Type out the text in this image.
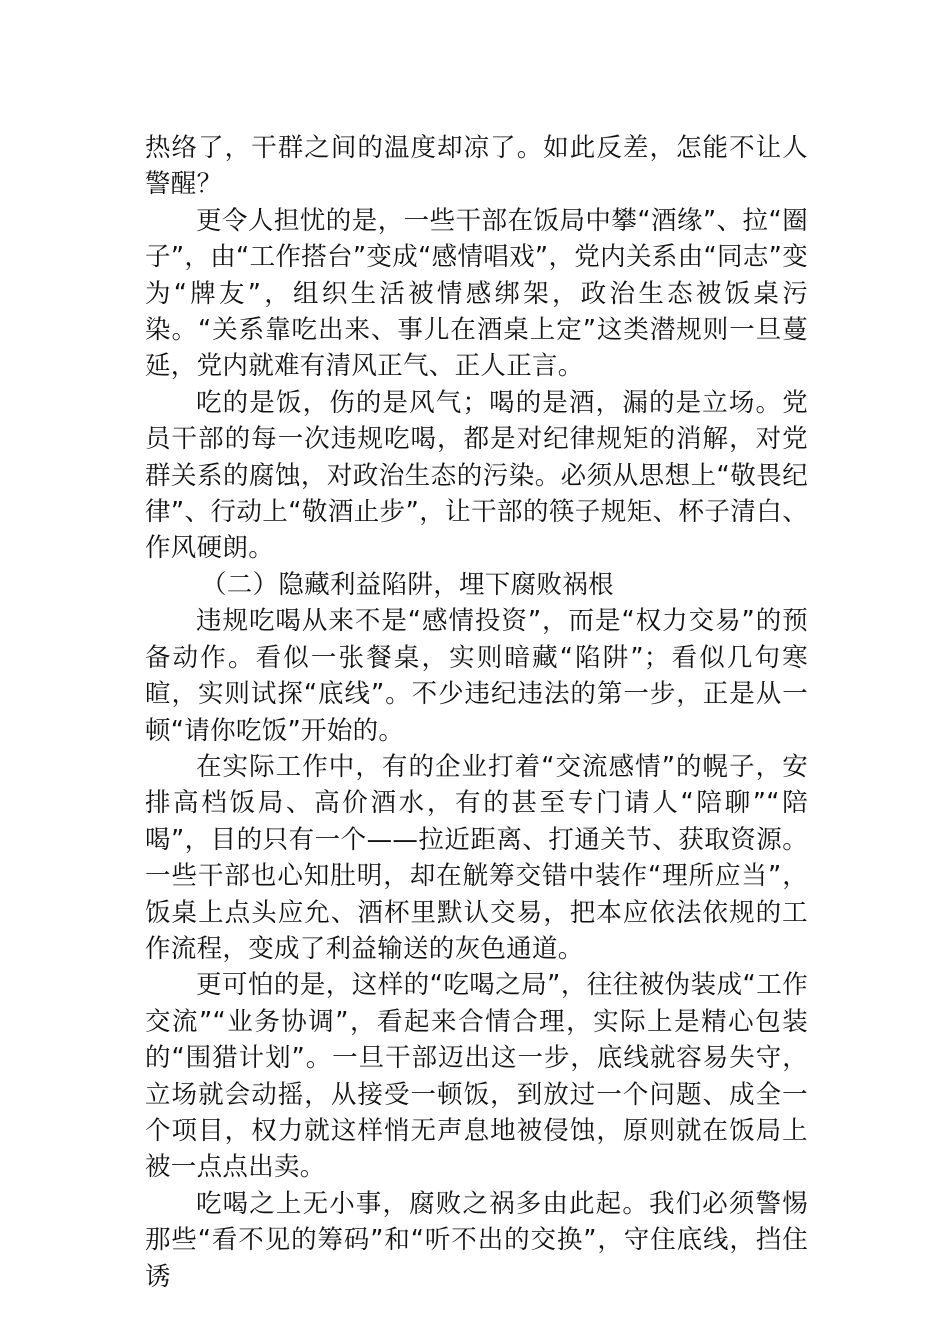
热络了，干群之间的温度却凉了。如此反差，怎能不让人警醒？

更令人担忧的是，一些干部在饭局中攀“酒缘”、拉“圈子”，由“工作搭台”变成“感情唱戏”，党内关系由“同志”变为“牌友”，组织生活被情感绑架，政治生态被饭桌污染。“关系靠吃出来、事儿在酒桌上定”这类潜规则一旦蔓延，党内就难有清风正气、正人正言。

吃的是饭，伤的是风气；喝的是酒，漏的是立场。党员干部的每一次违规吃喝，都是对纪律规矩的消解，对党群关系的腐蚀，对政治生态的污染。必须从思想上“敬畏纪律”、行动上“敬酒止步”，让干部的筷子规矩、杯子清白、作风硬朗。

（二）隐藏利益陷阱，埋下腐败祸根

违规吃喝从来不是“感情投资”，而是“权力交易”的预备动作。看似一张餐桌，实则暗藏“陷阱”；看似几句寒暄，实则试探“底线”。不少违纪违法的第一步，正是从一顿“请你吃饭”开始的。

在实际工作中，有的企业打着“交流感情”的幌子，安排高档饭局、高价酒水，有的甚至专门请人“陪聊”“陪喝”，目的只有一个——拉近距离、打通关节、获取资源。一些干部也心知肚明，却在觥筹交错中装作“理所应当”，饭桌上点头应允、酒杯里默认交易，把本应依法依规的工作流程，变成了利益输送的灰色通道。

更可怕的是，这样的“吃喝之局”，往往被伪装成“工作交流”“业务协调”，看起来合情合理，实际上是精心包装的“围猎计划”。一旦干部迈出这一步，底线就容易失守，立场就会动摇，从接受一顿饭，到放过一个问题、成全一个项目，权力就这样悄无声息地被侵蚀，原则就在饭局上被一点点出卖。

吃喝之上无小事，腐败之祸多由此起。我们必须警惕那些“看不见的筹码”和“听不出的交换”，守住底线，挡住诱
